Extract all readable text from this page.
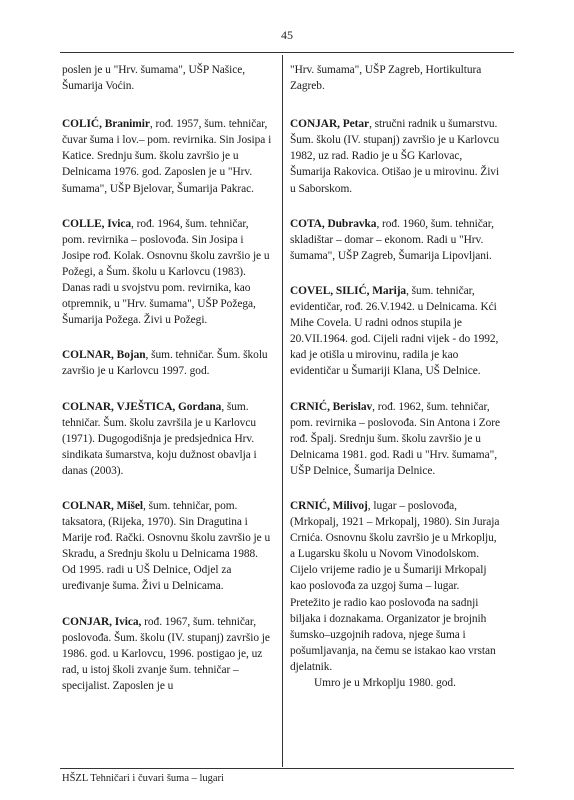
45

poslen je u "Hrv. šumama", UŠP Našice, Šumarija Voćin.

COLIĆ, Branimir, rođ. 1957, šum. tehničar, čuvar šuma i lov.– pom. revirnika. Sin Josipa i Katice. Srednju šum. školu završio je u Delnicama 1976. god. Zaposlen je u "Hrv. šumama", UŠP Bjelovar, Šumarija Pakrac.

COLLE, Ivica, rođ. 1964, šum. tehničar, pom. revirnika – poslovođa. Sin Josipa i Josipe rođ. Kolak. Osnovnu školu završio je u Požegi, a Šum. školu u Karlovcu (1983). Danas radi u svojstvu pom. revirnika, kao otpremnik, u "Hrv. šumama", UŠP Požega, Šumarija Požega. Živi u Požegi.

COLNAR, Bojan, šum. tehničar. Šum. školu završio je u Karlovcu 1997. god.

COLNAR, VJEŠTICA, Gordana, šum. tehničar. Šum. školu završila je u Karlovcu (1971). Dugogodišnja je predsjednica Hrv. sindikata šumarstva, koju dužnost obavlja i danas (2003).

COLNAR, Mišel, šum. tehničar, pom. taksatora, (Rijeka, 1970). Sin Dragutina i Marije rođ. Rački. Osnovnu školu završio je u Skradu, a Srednju školu u Delnicama 1988. Od 1995. radi u UŠ Delnice, Odjel za uređivanje šuma. Živi u Delnicama.

CONJAR, Ivica, rođ. 1967, šum. tehničar, poslovođa. Šum. školu (IV. stupanj) završio je 1986. god. u Karlovcu, 1996. postigao je, uz rad, u istoj školi zvanje šum. tehničar – specijalist. Zaposlen je u

"Hrv. šumama", UŠP Zagreb, Hortikultura Zagreb.

CONJAR, Petar, stručni radnik u šumarstvu. Šum. školu (IV. stupanj) završio je u Karlovcu 1982, uz rad. Radio je u ŠG Karlovac, Šumarija Rakovica. Otišao je u mirovinu. Živi u Saborskom.

COTA, Dubravka, rođ. 1960, šum. tehničar, skladištar – domar – ekonom. Radi u "Hrv. šumama", UŠP Zagreb, Šumarija Lipovljani.

COVEL, SILIĆ, Marija, šum. tehničar, evidentičar, rođ. 26.V.1942. u Delnicama. Kći Mihe Covela. U radni odnos stupila je 20.VII.1964. god. Cijeli radni vijek - do 1992, kad je otišla u mirovinu, radila je kao evidentičar u Šumariji Klana, UŠ Delnice.

CRNIĆ, Berislav, rođ. 1962, šum. tehničar, pom. revirnika – poslovođa. Sin Antona i Zore rođ. Špalj. Srednju šum. školu završio je u Delnicama 1981. god. Radi u "Hrv. šumama", UŠP Delnice, Šumarija Delnice.

CRNIĆ, Milivoj, lugar – poslovođa, (Mrkopalj, 1921 – Mrkopalj, 1980). Sin Juraja Crnića. Osnovnu školu završio je u Mrkoplju, a Lugarsku školu u Novom Vinodolskom. Cijelo vrijeme radio je u Šumariji Mrkopalj kao poslovođa za uzgoj šuma – lugar. Pretežito je radio kao poslovođa na sadnji biljaka i doznakama. Organizator je brojnih šumsko–uzgojnih radova, njege šuma i pošumljavanja, na čemu se istakao kao vrstan djelatnik.

Umro je u Mrkoplju 1980. god.

HŠZL Tehničari i čuvari šuma – lugari
